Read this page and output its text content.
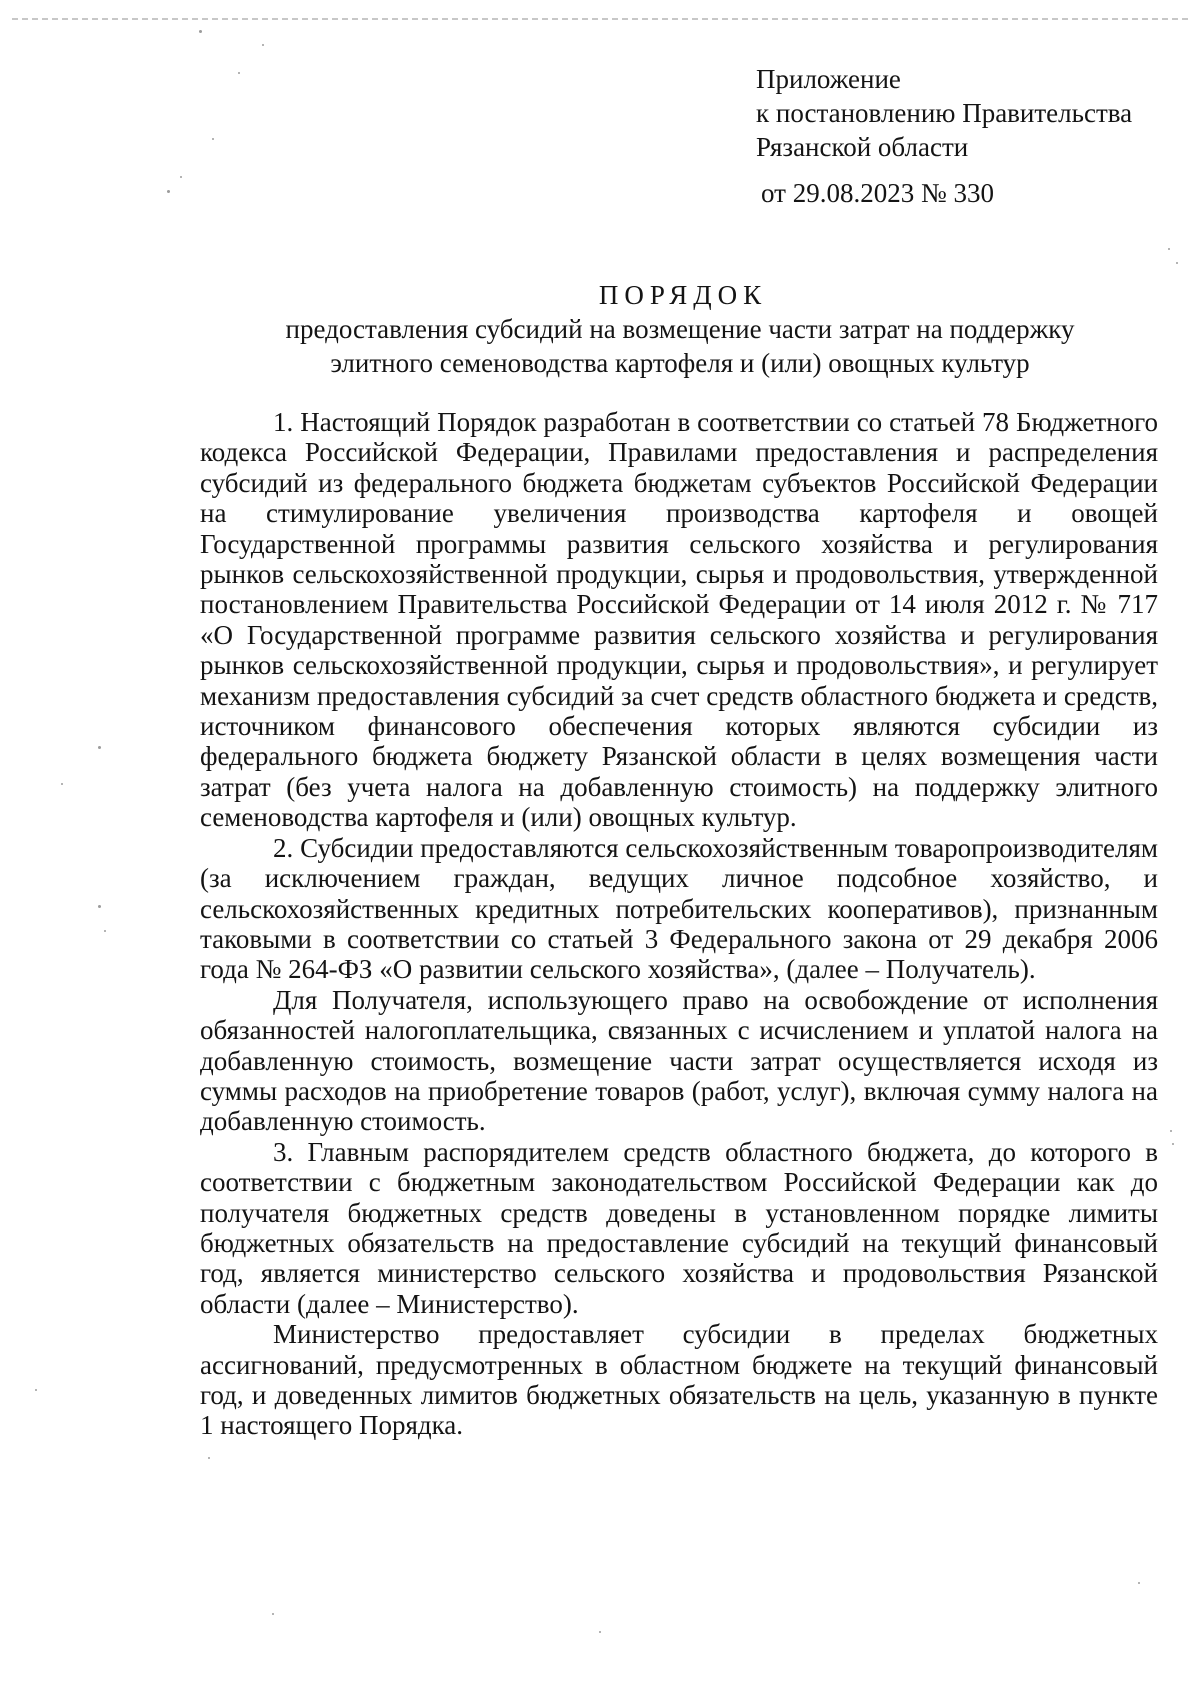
Приложение
к постановлению Правительства
Рязанской области
от 29.08.2023 № 330
ПОРЯДОК
предоставления субсидий на возмещение части затрат на поддержку
элитного семеноводства картофеля и (или) овощных культур

1. Настоящий Порядок разработан в соответствии со статьей 78 Бюджетного кодекса Российской Федерации, Правилами предоставления и распределения субсидий из федерального бюджета бюджетам субъектов Российской Федерации на стимулирование увеличения производства картофеля и овощей Государственной программы развития сельского хозяйства и регулирования рынков сельскохозяйственной продукции, сырья и продовольствия, утвержденной постановлением Правительства Российской Федерации от 14 июля 2012 г. № 717 «О Государственной программе развития сельского хозяйства и регулирования рынков сельскохозяйственной продукции, сырья и продовольствия», и регулирует механизм предоставления субсидий за счет средств областного бюджета и средств, источником финансового обеспечения которых являются субсидии из федерального бюджета бюджету Рязанской области в целях возмещения части затрат (без учета налога на добавленную стоимость) на поддержку элитного семеноводства картофеля и (или) овощных культур.

2. Субсидии предоставляются сельскохозяйственным товаропроизводителям (за исключением граждан, ведущих личное подсобное хозяйство, и сельскохозяйственных кредитных потребительских кооперативов), признанным таковыми в соответствии со статьей 3 Федерального закона от 29 декабря 2006 года № 264-ФЗ «О развитии сельского хозяйства», (далее – Получатель).

Для Получателя, использующего право на освобождение от исполнения обязанностей налогоплательщика, связанных с исчислением и уплатой налога на добавленную стоимость, возмещение части затрат осуществляется исходя из суммы расходов на приобретение товаров (работ, услуг), включая сумму налога на добавленную стоимость.

3. Главным распорядителем средств областного бюджета, до которого в соответствии с бюджетным законодательством Российской Федерации как до получателя бюджетных средств доведены в установленном порядке лимиты бюджетных обязательств на предоставление субсидий на текущий финансовый год, является министерство сельского хозяйства и продовольствия Рязанской области (далее – Министерство).

Министерство предоставляет субсидии в пределах бюджетных ассигнований, предусмотренных в областном бюджете на текущий финансовый год, и доведенных лимитов бюджетных обязательств на цель, указанную в пункте 1 настоящего Порядка.
